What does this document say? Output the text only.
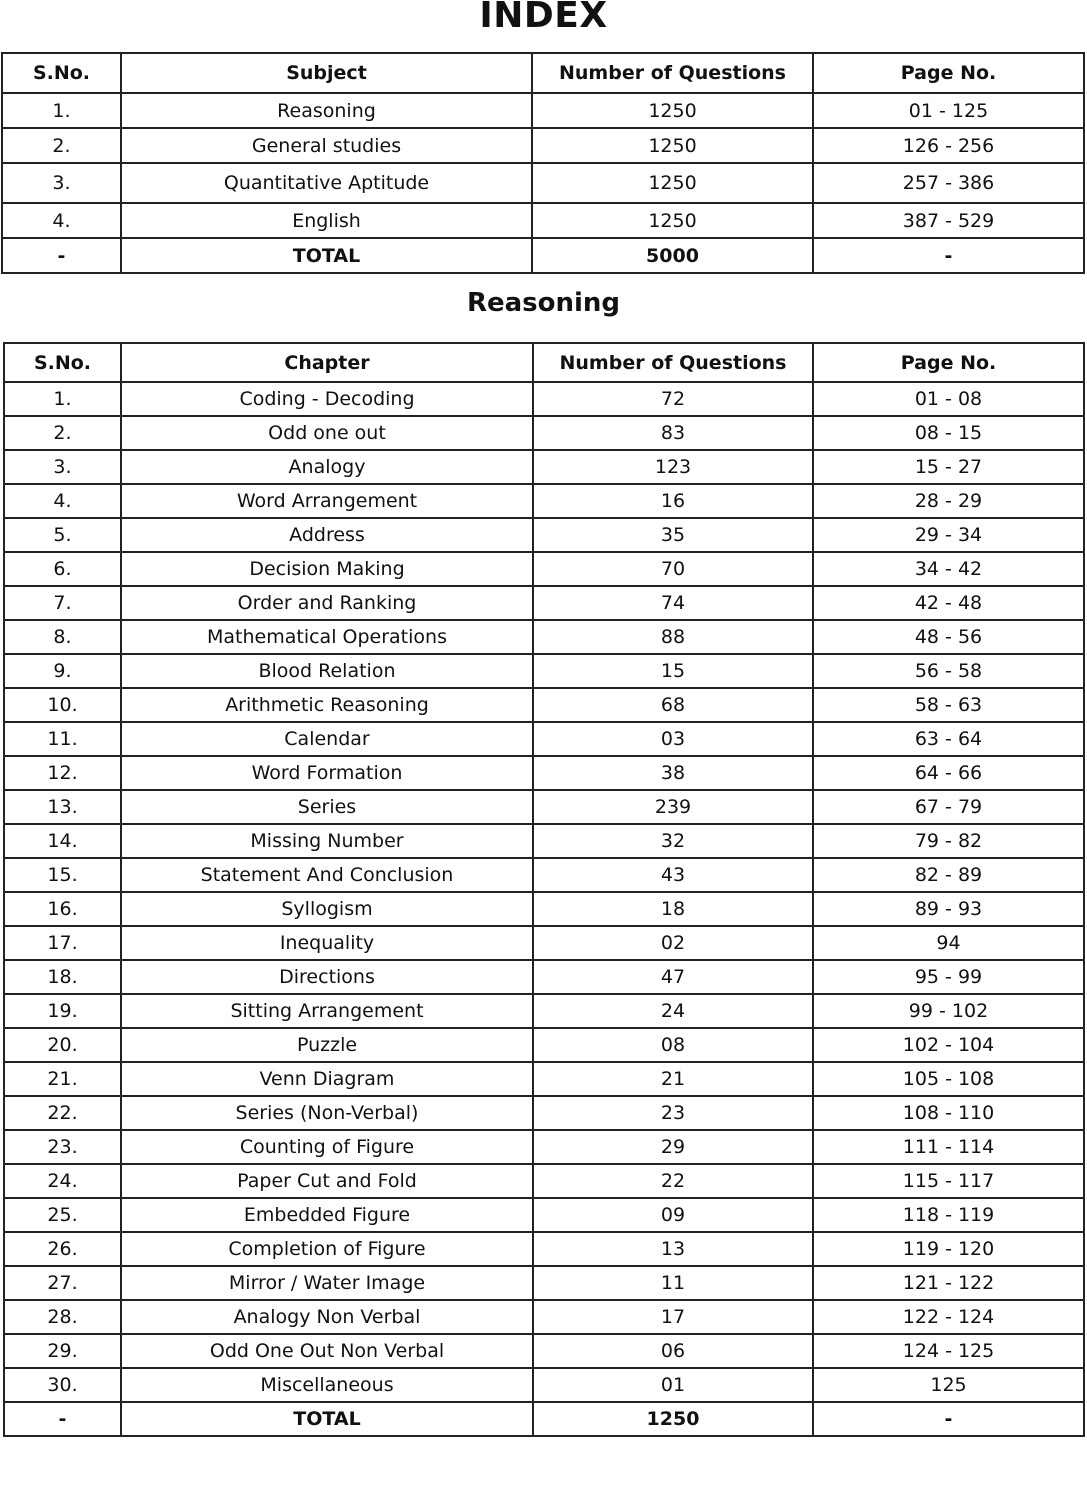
INDEX
S.No.	Subject	Number of Questions	Page No.
1.	Reasoning	1250	01 - 125
2.	General studies	1250	126 - 256
3.	Quantitative Aptitude	1250	257 - 386
4.	English	1250	387 - 529
-	TOTAL	5000	-
Reasoning
S.No.	Chapter	Number of Questions	Page No.
1.	Coding - Decoding	72	01 - 08
2.	Odd one out	83	08 - 15
3.	Analogy	123	15 - 27
4.	Word Arrangement	16	28 - 29
5.	Address	35	29 - 34
6.	Decision Making	70	34 - 42
7.	Order and Ranking	74	42 - 48
8.	Mathematical Operations	88	48 - 56
9.	Blood Relation	15	56 - 58
10.	Arithmetic Reasoning	68	58 - 63
11.	Calendar	03	63 - 64
12.	Word Formation	38	64 - 66
13.	Series	239	67 - 79
14.	Missing Number	32	79 - 82
15.	Statement And Conclusion	43	82 - 89
16.	Syllogism	18	89 - 93
17.	Inequality	02	94
18.	Directions	47	95 - 99
19.	Sitting Arrangement	24	99 - 102
20.	Puzzle	08	102 - 104
21.	Venn Diagram	21	105 - 108
22.	Series (Non-Verbal)	23	108 - 110
23.	Counting of Figure	29	111 - 114
24.	Paper Cut and Fold	22	115 - 117
25.	Embedded Figure	09	118 - 119
26.	Completion of Figure	13	119 - 120
27.	Mirror / Water Image	11	121 - 122
28.	Analogy Non Verbal	17	122 - 124
29.	Odd One Out Non Verbal	06	124 - 125
30.	Miscellaneous	01	125
-	TOTAL	1250	-
